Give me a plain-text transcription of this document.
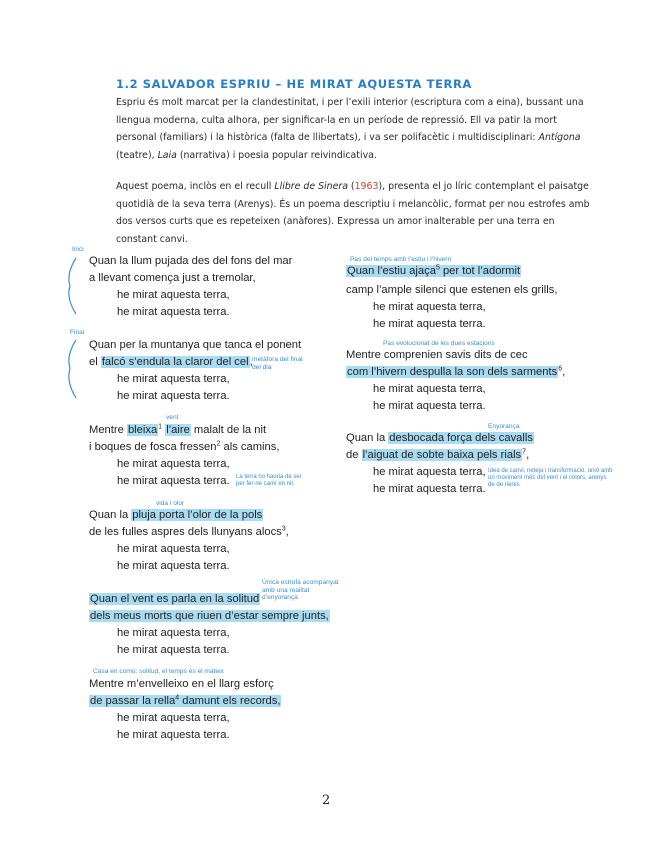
1.2 SALVADOR ESPRIU – HE MIRAT AQUESTA TERRA
Espriu és molt marcat per la clandestinitat, i per l’exili interior (escriptura com a eina), bussant una llengua moderna, culta alhora, per significar-la en un període de repressió. Ell va patir la mort personal (familiars) i la històrica (falta de llibertats), i va ser polifacètic i multidisciplinari: Antígona (teatre), Laia (narrativa) i poesia popular reivindicativa.
Aquest poema, inclòs en el recull Llibre de Sinera (1963), presenta el jo líric contemplant el paisatge quotidià de la seva terra (Arenys). És un poema descriptiu i melancòlic, format per nou estrofes amb dos versos curts que es repeteixen (anàfores). Expressa un amor inalterable per una terra en constant canvi.
Inici
Final
Quan la llum pujada des del fons del mar
a llevant comença just a tremolar,
he mirat aquesta terra,
he mirat aquesta terra.
Quan per la muntanya que tanca el ponent
el falcó s’endula la claror del cel, metàfora del final del dia
he mirat aquesta terra,
he mirat aquesta terra.
vent
Mentre bleixa$^1$ l’aire malalt de la nit
i boques de fosca fressen$^2$ als camins,
he mirat aquesta terra,
he mirat aquesta terra. La terra no hauria de ser per fer-ne camí en nit
vida i olor
Quan la pluja porta l’olor de la pols
de les fulles aspres dels llunyans alocs$^3$,
he mirat aquesta terra,
he mirat aquesta terra.
Única estrofa acompanyat amb una realitat d’enyorança
Quan el vent es parla en la solitud
dels meus morts que riuen d’estar sempre junts,
he mirat aquesta terra,
he mirat aquesta terra.
Casa en comú: solitud, el temps és el mateix
Mentre m’envelleixo en el llarg esforç
de passar la rella$^4$ damunt els records,
he mirat aquesta terra,
he mirat aquesta terra.
Pas del temps amb l’estiu i l’hivern
Quan l’estiu ajaça$^5$ per tot l’adormit
camp l’ample silenci que estenen els grills,
he mirat aquesta terra,
he mirat aquesta terra.
Pas evolucionat de les dues estacions
Mentre comprenien savis dits de cec
com l’hivern despulla la son dels sarments$^6$,
he mirat aquesta terra,
he mirat aquesta terra.
Enyorança
Quan la desbocada força dels cavalls
de l’aiguat de sobte baixa pels rials$^7$,
he mirat aquesta terra,
he mirat aquesta terra.
Idea de canvi, neteja i transformació, unió amb un moviment més del vent i el colors, arenys de de rieres
2
